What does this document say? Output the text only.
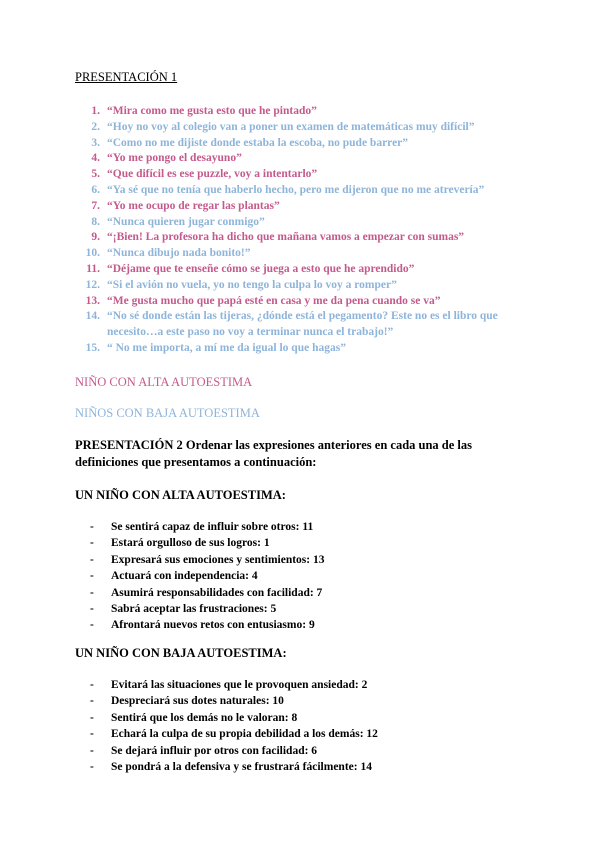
PRESENTACIÓN 1
1. “Mira como me gusta esto que he pintado”
2. “Hoy no voy al colegio van a poner un examen de matemáticas muy difícil”
3. “Como no me dijiste donde estaba la escoba, no pude barrer”
4. “Yo me pongo el desayuno”
5. “Que difícil es ese puzzle, voy a intentarlo”
6. “Ya sé que no tenía que haberlo hecho, pero me dijeron que no me atrevería”
7. “Yo me ocupo de regar las plantas”
8. “Nunca quieren jugar conmigo”
9. “¡Bien! La profesora ha dicho que mañana vamos a empezar con sumas”
10. “Nunca dibujo nada bonito!”
11. “Déjame que te enseñe cómo se juega a esto que he aprendido”
12. “Si el avión no vuela, yo no tengo la culpa lo voy a romper”
13. “Me gusta mucho que papá esté en casa y me da pena cuando se va”
14. “No sé donde están las tijeras, ¿dónde está el pegamento? Este no es el libro que necesito…a este paso no voy a terminar nunca el trabajo!”
15. “ No me importa, a mí me da igual lo que hagas”
NIÑO CON ALTA AUTOESTIMA
NIÑOS CON BAJA AUTOESTIMA
PRESENTACIÓN 2 Ordenar las expresiones anteriores en cada una de las definiciones que presentamos a continuación:
UN NIÑO CON ALTA AUTOESTIMA:
- Se sentirá capaz de influir sobre otros: 11
- Estará orgulloso de sus logros: 1
- Expresará sus emociones y sentimientos: 13
- Actuará con independencia: 4
- Asumirá responsabilidades con facilidad: 7
- Sabrá aceptar las frustraciones: 5
- Afrontará nuevos retos con entusiasmo: 9
UN NIÑO CON BAJA AUTOESTIMA:
- Evitará las situaciones que le provoquen ansiedad: 2
- Despreciará sus dotes naturales: 10
- Sentirá que los demás no le valoran: 8
- Echará la culpa de su propia debilidad a los demás: 12
- Se dejará influir por otros con facilidad: 6
- Se pondrá a la defensiva y se frustrará fácilmente: 14
